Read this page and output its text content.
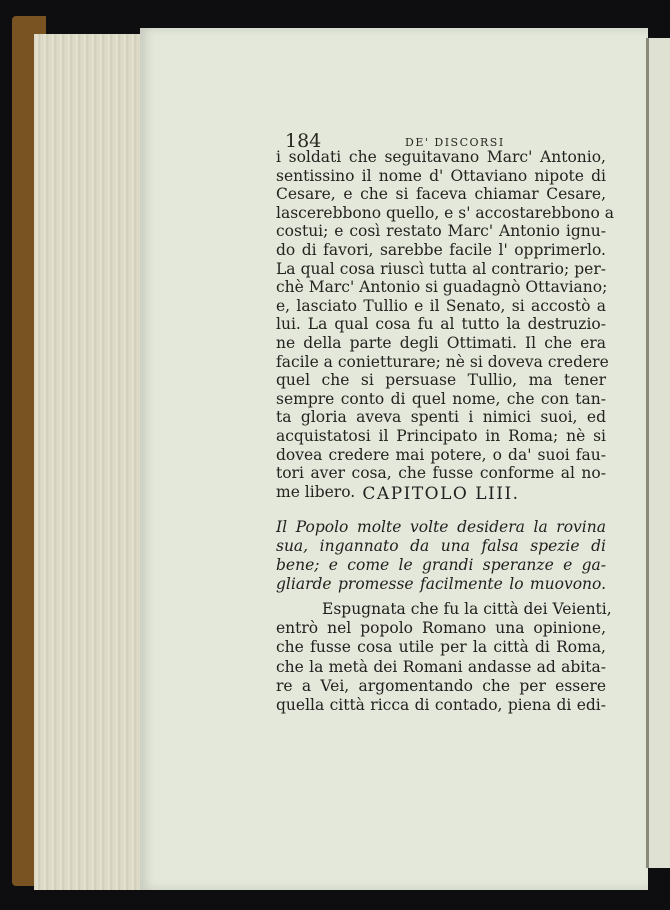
184	DE' DISCORSI
i soldati che seguitavano Marc' Antonio,
sentissino il nome d' Ottaviano nipote di
Cesare, e che si faceva chiamar Cesare,
lascerebbono quello, e s' accostarebbono a
costui; e così restato Marc' Antonio ignu-
do di favori, sarebbe facile l' opprimerlo.
La qual cosa riuscì tutta al contrario; per-
chè Marc' Antonio si guadagnò Ottaviano;
e, lasciato Tullio e il Senato, si accostò a
lui. La qual cosa fu al tutto la destruzio-
ne della parte degli Ottimati. Il che era
facile a conietturare; nè si doveva credere
quel che si persuase Tullio, ma tener
sempre conto di quel nome, che con tan-
ta gloria aveva spenti i nimici suoi, ed
acquistatosi il Principato in Roma; nè si
dovea credere mai potere, o da' suoi fau-
tori aver cosa, che fusse conforme al no-
me libero. CAPITOLO LIII.
Il Popolo molte volte desidera la rovina
sua, ingannato da una falsa spezie di
bene; e come le grandi speranze e ga-
gliarde promesse facilmente lo muovono.
Espugnata che fu la città dei Veienti,
entrò nel popolo Romano una opinione,
che fusse cosa utile per la città di Roma,
che la metà dei Romani andasse ad abita-
re a Vei, argomentando che per essere
quella città ricca di contado, piena di edi-
